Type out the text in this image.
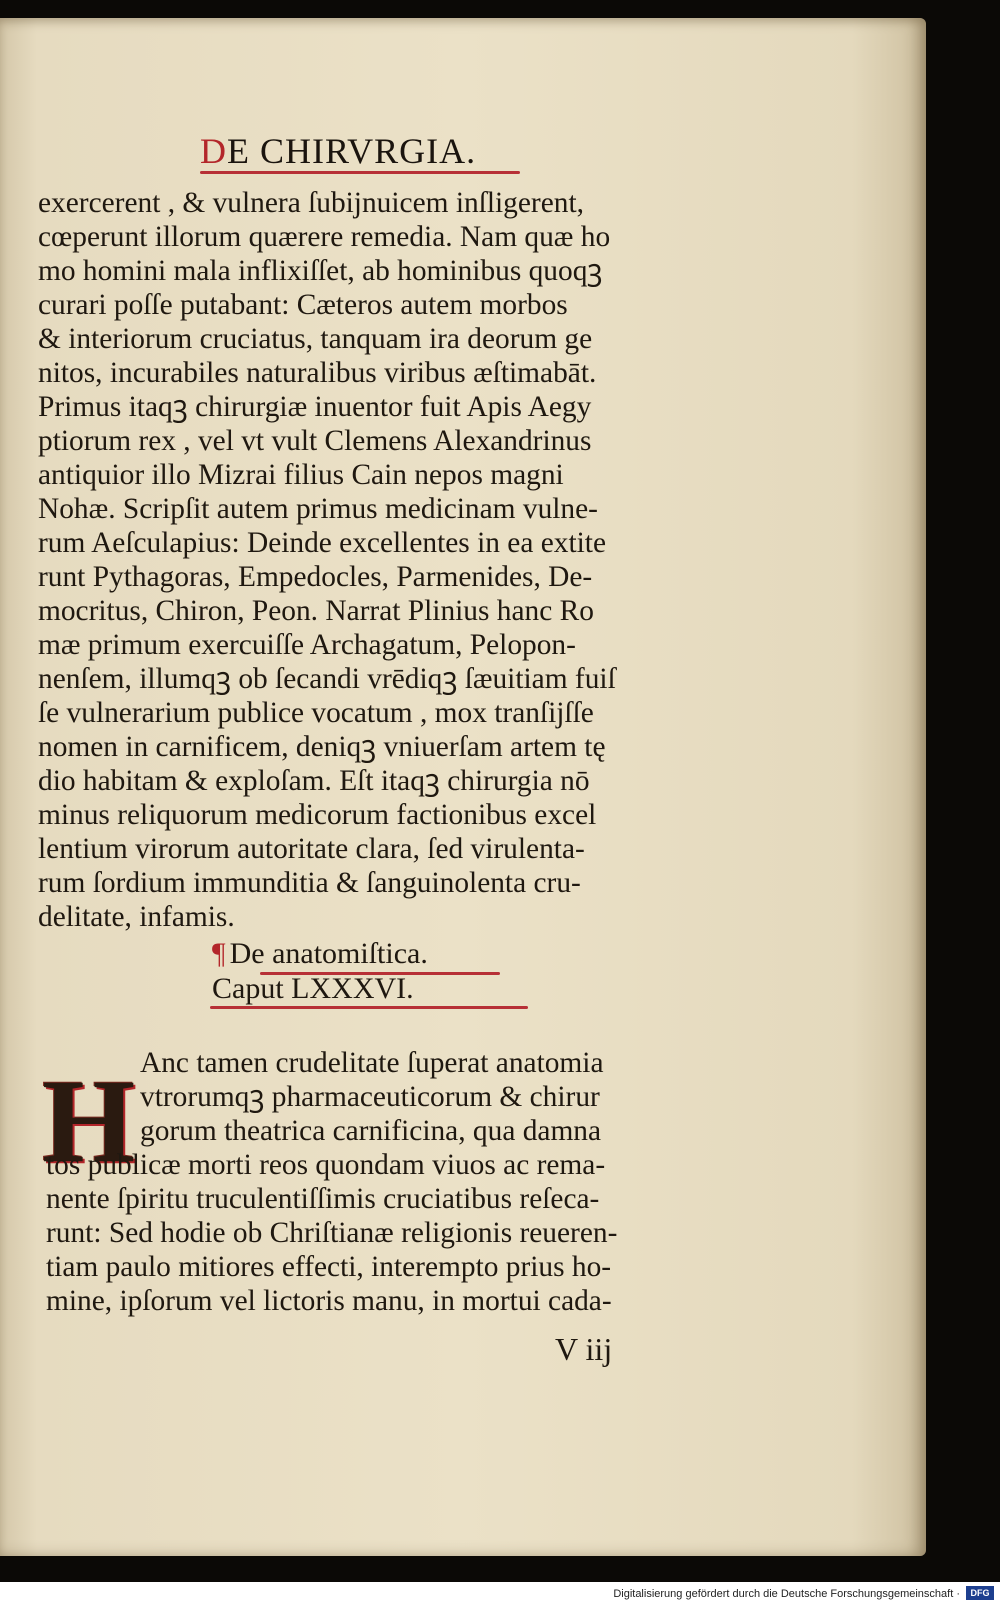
DE CHIRVRGIA.
exercerent , & vulnera ſubijnuicem inſligerent,
cœperunt illorum quærere remedia. Nam quæ ho
mo homini mala inflixiſſet, ab hominibus quoqꝫ
curari poſſe putabant: Cæteros autem morbos
& interiorum cruciatus, tanquam ira deorum ge
nitos, incurabiles naturalibus viribus æſtimabāt.
Primus itaqꝫ chirurgiæ inuentor fuit Apis Aegy
ptiorum rex , vel vt vult Clemens Alexandrinus
antiquior illo Mizrai filius Cain nepos magni
Nohæ. Scripſit autem primus medicinam vulne-
rum Aeſculapius: Deinde excellentes in ea extite
runt Pythagoras, Empedocles, Parmenides, De-
mocritus, Chiron, Peon. Narrat Plinius hanc Ro
mæ primum exercuiſſe Archagatum, Pelopon-
nenſem, illumqꝫ ob ſecandi vrēdiqꝫ ſæuitiam fuiſ
ſe vulnerarium publice vocatum , mox tranſijſſe
nomen in carnificem, deniqꝫ vniuerſam artem tę
dio habitam & exploſam. Eſt itaqꝫ chirurgia nō
minus reliquorum medicorum factionibus excel
lentium virorum autoritate clara, ſed virulenta-
rum ſordium immunditia & ſanguinolenta cru-
delitate, infamis.
¶ De anatomiſtica.
Caput LXXXVI.
H Anc tamen crudelitate ſuperat anatomia
vtrorumqꝫ pharmaceuticorum & chirur
gorum theatrica carnificina, qua damna
tos publicæ morti reos quondam viuos ac rema-
nente ſpiritu truculentiſſimis cruciatibus reſeca-
runt: Sed hodie ob Chriſtianæ religionis reueren-
tiam paulo mitiores effecti, interempto prius ho-
mine, ipſorum vel lictoris manu, in mortui cada-
V iij
Digitalisierung gefördert durch die Deutsche Forschungsgemeinschaft ·	DFG
